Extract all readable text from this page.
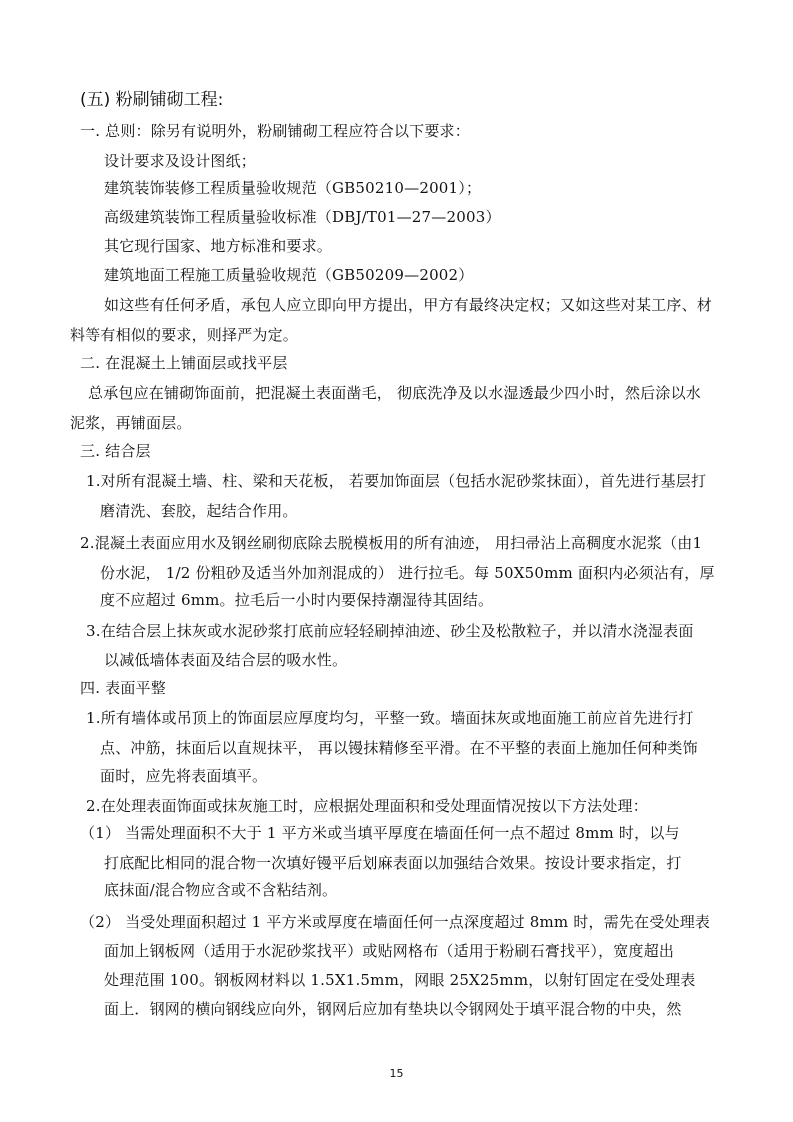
(五) 粉刷铺砌工程:
一. 总则：除另有说明外，粉刷铺砌工程应符合以下要求：
设计要求及设计图纸；
建筑装饰装修工程质量验收规范（GB50210—2001）；
高级建筑装饰工程质量验收标准（DBJ/T01—27—2003）
其它现行国家、地方标准和要求。
建筑地面工程施工质量验收规范（GB50209—2002）
如这些有任何矛盾，承包人应立即向甲方提出，甲方有最终决定权；又如这些对某工序、材
料等有相似的要求，则择严为定。
二. 在混凝土上铺面层或找平层
总承包应在铺砌饰面前，把混凝土表面凿毛， 彻底洗净及以水湿透最少四小时，然后涂以水
泥浆，再铺面层。
三. 结合层
1.对所有混凝土墙、柱、梁和天花板， 若要加饰面层（包括水泥砂浆抹面），首先进行基层打
磨清洗、套胶，起结合作用。
2.混凝土表面应用水及钢丝刷彻底除去脱模板用的所有油迹， 用扫帚沾上高稠度水泥浆（由1
份水泥， 1/2 份粗砂及适当外加剂混成的） 进行拉毛。每 50X50mm 面积内必须沾有，厚
度不应超过 6mm。拉毛后一小时内要保持潮湿待其固结。
3.在结合层上抹灰或水泥砂浆打底前应轻轻刷掉油迹、砂尘及松散粒子，并以清水浇湿表面
以减低墙体表面及结合层的吸水性。
四. 表面平整
1.所有墙体或吊顶上的饰面层应厚度均匀，平整一致。墙面抹灰或地面施工前应首先进行打
点、冲筋，抹面后以直规抹平， 再以镘抹精修至平滑。在不平整的表面上施加任何种类饰
面时，应先将表面填平。
2.在处理表面饰面或抹灰施工时，应根据处理面积和受处理面情况按以下方法处理：
（1） 当需处理面积不大于 1 平方米或当填平厚度在墙面任何一点不超过 8mm 时，以与
打底配比相同的混合物一次填好镘平后划麻表面以加强结合效果。按设计要求指定，打
底抹面/混合物应含或不含粘结剂。
（2） 当受处理面积超过 1 平方米或厚度在墙面任何一点深度超过 8mm 时，需先在受处理表
面加上钢板网（适用于水泥砂浆找平）或贴网格布（适用于粉刷石膏找平），宽度超出
处理范围 100。钢板网材料以 1.5X1.5mm，网眼 25X25mm，以射钉固定在受处理表
面上．钢网的横向钢线应向外，钢网后应加有垫块以令钢网处于填平混合物的中央，然
15
